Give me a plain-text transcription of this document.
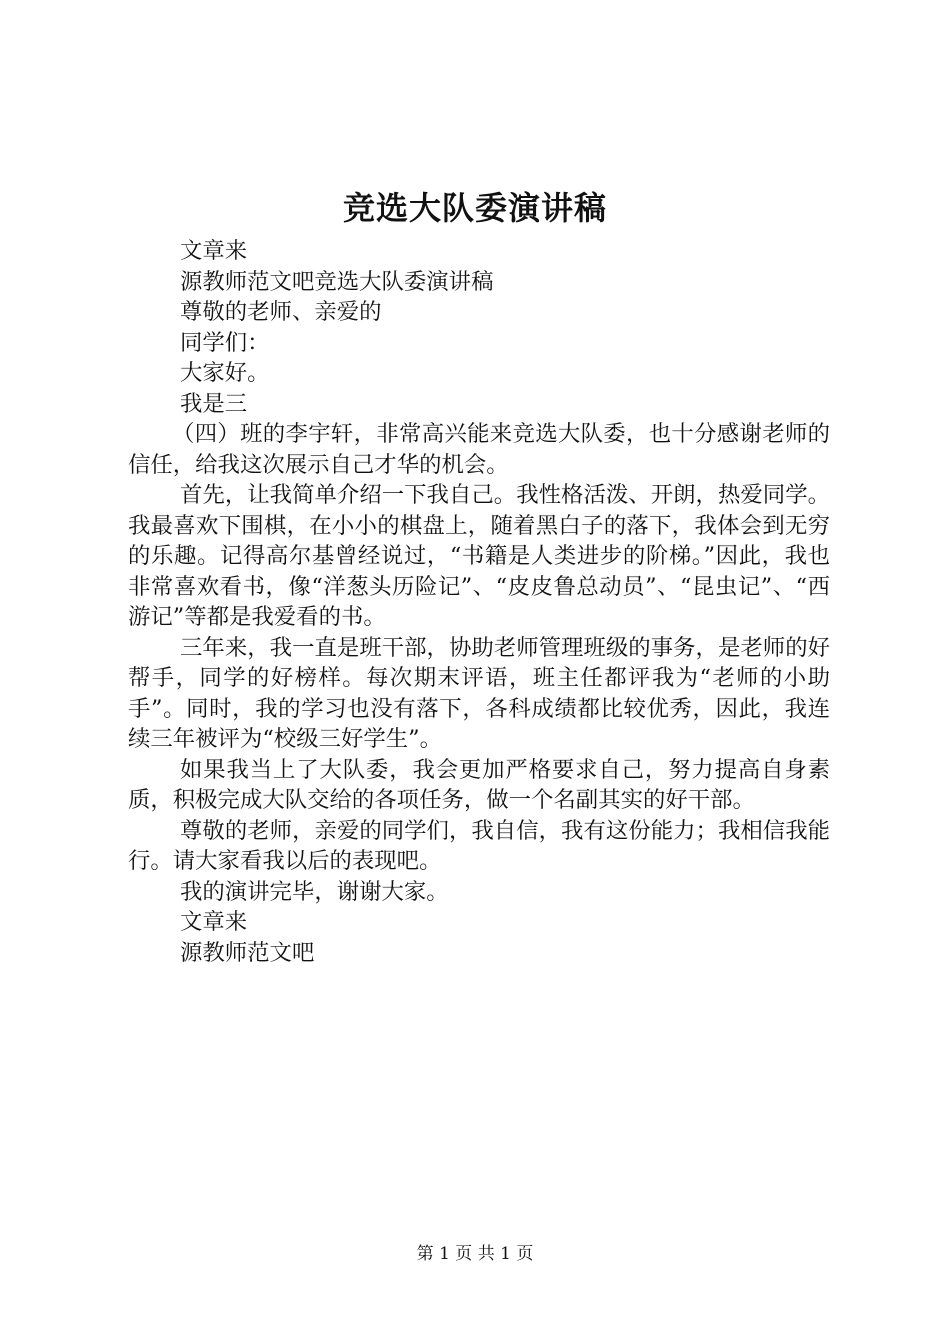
竞选大队委演讲稿

文章来

源教师范文吧竞选大队委演讲稿

尊敬的老师、亲爱的

同学们：

大家好。

我是三

（四）班的李宇轩，非常高兴能来竞选大队委，也十分感谢老师的信任，给我这次展示自己才华的机会。

首先，让我简单介绍一下我自己。我性格活泼、开朗，热爱同学。我最喜欢下围棋，在小小的棋盘上，随着黑白子的落下，我体会到无穷的乐趣。记得高尔基曾经说过，“书籍是人类进步的阶梯。”因此，我也非常喜欢看书，像“洋葱头历险记”、“皮皮鲁总动员”、“昆虫记”、“西游记”等都是我爱看的书。

三年来，我一直是班干部，协助老师管理班级的事务，是老师的好帮手，同学的好榜样。每次期末评语，班主任都评我为“老师的小助手”。同时，我的学习也没有落下，各科成绩都比较优秀，因此，我连续三年被评为“校级三好学生”。

如果我当上了大队委，我会更加严格要求自己，努力提高自身素质，积极完成大队交给的各项任务，做一个名副其实的好干部。

尊敬的老师，亲爱的同学们，我自信，我有这份能力；我相信我能行。请大家看我以后的表现吧。

我的演讲完毕，谢谢大家。

文章来

源教师范文吧

第 1 页 共 1 页
